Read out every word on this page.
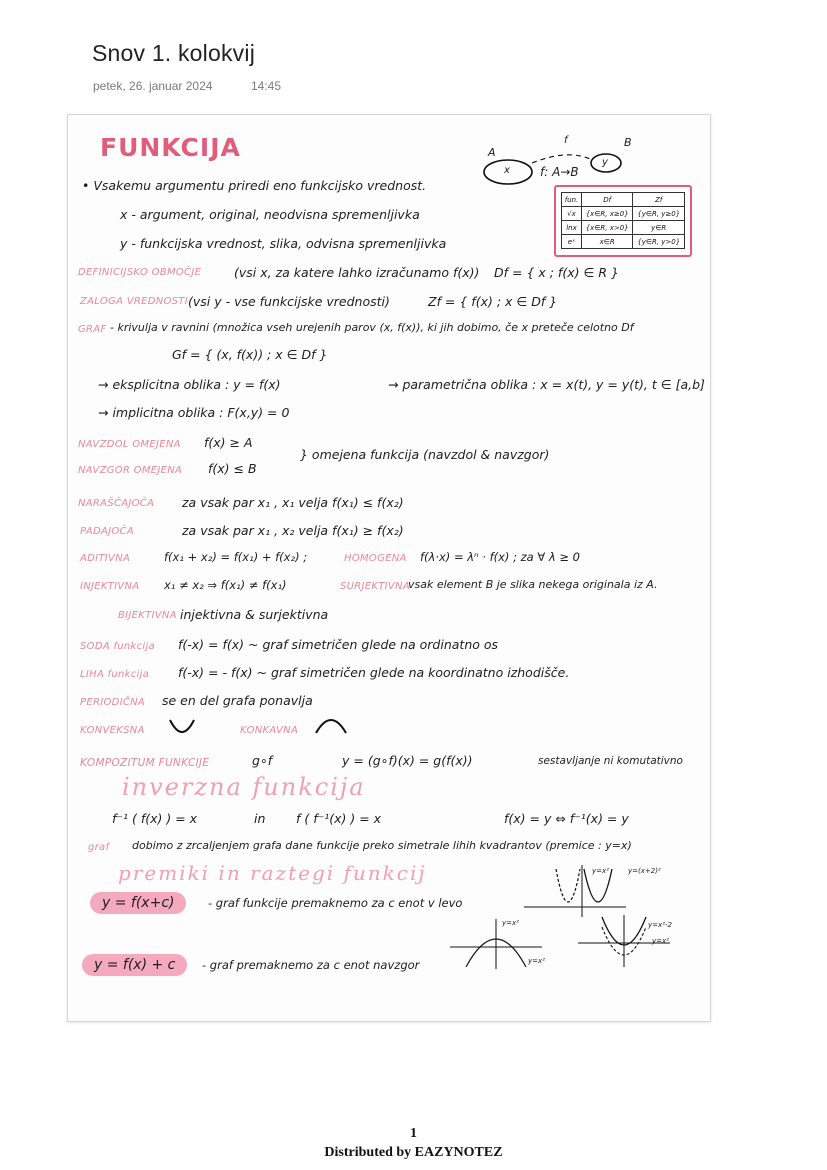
Snov 1. kolokvij
petek, 26. januar 2024	14:45
FUNKCIJA	A
f	B
x
y
f: A→B
fun.	Df	Zf
√x	{x∈R, x≥0}	{y∈R, y≥0}
lnx	{x∈R, x>0}	y∈R
eˣ	x∈R	{y∈R, y>0}
• Vsakemu argumentu priredi eno funkcijsko vrednost.
x - argument, original, neodvisna spremenljivka
y - funkcijska vrednost, slika, odvisna spremenljivka
DEFINICIJSKO OBMOČJE	(vsi x, za katere lahko izračunamo f(x)) Df = { x ; f(x) ∈ R }
ZALOGA VREDNOSTI (vsi y - vse funkcijske vrednosti)	Zf = { f(x) ; x ∈ Df }
GRAF - krivulja v ravnini (množica vseh urejenih parov (x, f(x)), ki jih dobimo, če x preteče celotno Df
Gf = { (x, f(x)) ; x ∈ Df }
→ eksplicitna oblika : y = f(x)	→ parametrična oblika : x = x(t), y = y(t), t ∈ [a,b]
→ implicitna oblika : F(x,y) = 0
NAVZDOL OMEJENA f(x) ≥ A
NAVZGOR OMEJENA f(x) ≤ B
} omejena funkcija (navzdol & navzgor)
NARAŠČAJOČA za vsak par x₁ , x₁ velja f(x₁) ≤ f(x₂)
PADAJOČA	za vsak par x₁ , x₂ velja f(x₁) ≥ f(x₂)
ADITIVNA	f(x₁ + x₂) = f(x₁) + f(x₂) ;	HOMOGENA f(λ·x) = λⁿ · f(x) ; za ∀ λ ≥ 0
INJEKTIVNA x₁ ≠ x₂ ⇒ f(x₁) ≠ f(x₁)	SURJEKTIVNA
vsak element B je slika nekega originala iz A.
BIJEKTIVNA injektivna & surjektivna
SODA funkcija f(-x) = f(x) ~ graf simetričen glede na ordinatno os
LIHA funkcija f(-x) = - f(x) ~ graf simetričen glede na koordinatno izhodišče.
PERIODIČNA se en del grafa ponavlja
KONVEKSNA	KONKAVNA
KOMPOZITUM FUNKCIJE	g∘f	y = (g∘f)(x) = g(f(x))	sestavljanje ni komutativno
inverzna funkcija
f⁻¹ ( f(x) ) = x	in f ( f⁻¹(x) ) = x	f(x) = y ⇔ f⁻¹(x) = y
graf dobimo z zrcaljenjem grafa dane funkcije preko simetrale lihih kvadrantov (premice : y=x)
premiki in raztegi funkcij
y = f(x+c)	- graf funkcije premaknemo za c enot v levo
y = f(x) + c	- graf premaknemo za c enot navzgor
y=(x+2)²
y=x²
y=x²
y=x²
y=x²-2
y=x²
1
Distributed by EAZYNOTEZ
